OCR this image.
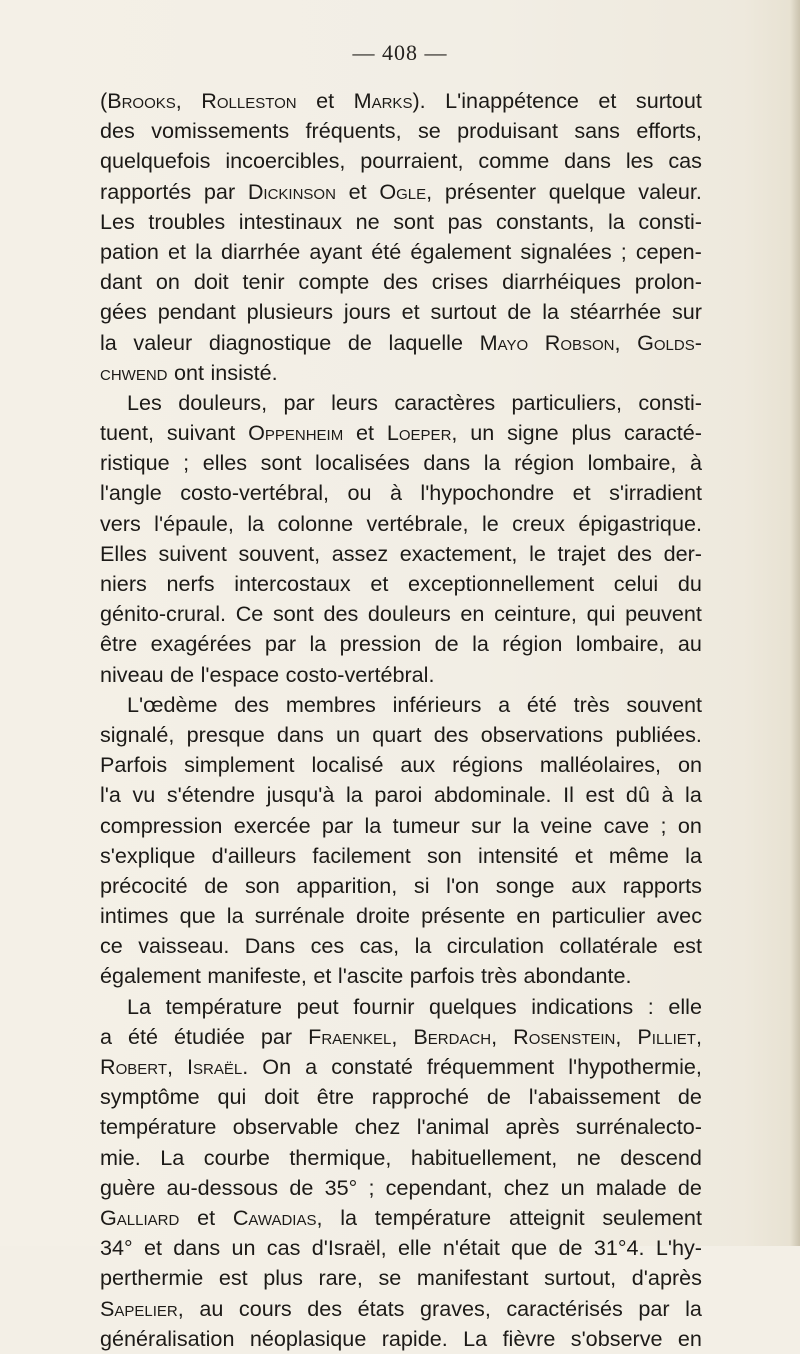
— 408 —
(Brooks, Rolleston et Marks). L'inappétence et surtout
des vomissements fréquents, se produisant sans efforts,
quelquefois incoercibles, pourraient, comme dans les cas
rapportés par Dickinson et Ogle, présenter quelque valeur.
Les troubles intestinaux ne sont pas constants, la consti-
pation et la diarrhée ayant été également signalées ; cepen-
dant on doit tenir compte des crises diarrhéiques prolon-
gées pendant plusieurs jours et surtout de la stéarrhée sur
la valeur diagnostique de laquelle Mayo Robson, Golds-
chwend ont insisté.
Les douleurs, par leurs caractères particuliers, consti-
tuent, suivant Oppenheim et Loeper, un signe plus caracté-
ristique ; elles sont localisées dans la région lombaire, à
l'angle costo-vertébral, ou à l'hypochondre et s'irradient
vers l'épaule, la colonne vertébrale, le creux épigastrique.
Elles suivent souvent, assez exactement, le trajet des der-
niers nerfs intercostaux et exceptionnellement celui du
génito-crural. Ce sont des douleurs en ceinture, qui peuvent
être exagérées par la pression de la région lombaire, au
niveau de l'espace costo-vertébral.
L'œdème des membres inférieurs a été très souvent
signalé, presque dans un quart des observations publiées.
Parfois simplement localisé aux régions malléolaires, on
l'a vu s'étendre jusqu'à la paroi abdominale. Il est dû à la
compression exercée par la tumeur sur la veine cave ; on
s'explique d'ailleurs facilement son intensité et même la
précocité de son apparition, si l'on songe aux rapports
intimes que la surrénale droite présente en particulier avec
ce vaisseau. Dans ces cas, la circulation collatérale est
également manifeste, et l'ascite parfois très abondante.
La température peut fournir quelques indications : elle
a été étudiée par Fraenkel, Berdach, Rosenstein, Pilliet,
Robert, Israël. On a constaté fréquemment l'hypothermie,
symptôme qui doit être rapproché de l'abaissement de
température observable chez l'animal après surrénalecto-
mie. La courbe thermique, habituellement, ne descend
guère au-dessous de 35° ; cependant, chez un malade de
Galliard et Cawadias, la température atteignit seulement
34° et dans un cas d'Israël, elle n'était que de 31°4. L'hy-
perthermie est plus rare, se manifestant surtout, d'après
Sapelier, au cours des états graves, caractérisés par la
généralisation néoplasique rapide. La fièvre s'observe en
